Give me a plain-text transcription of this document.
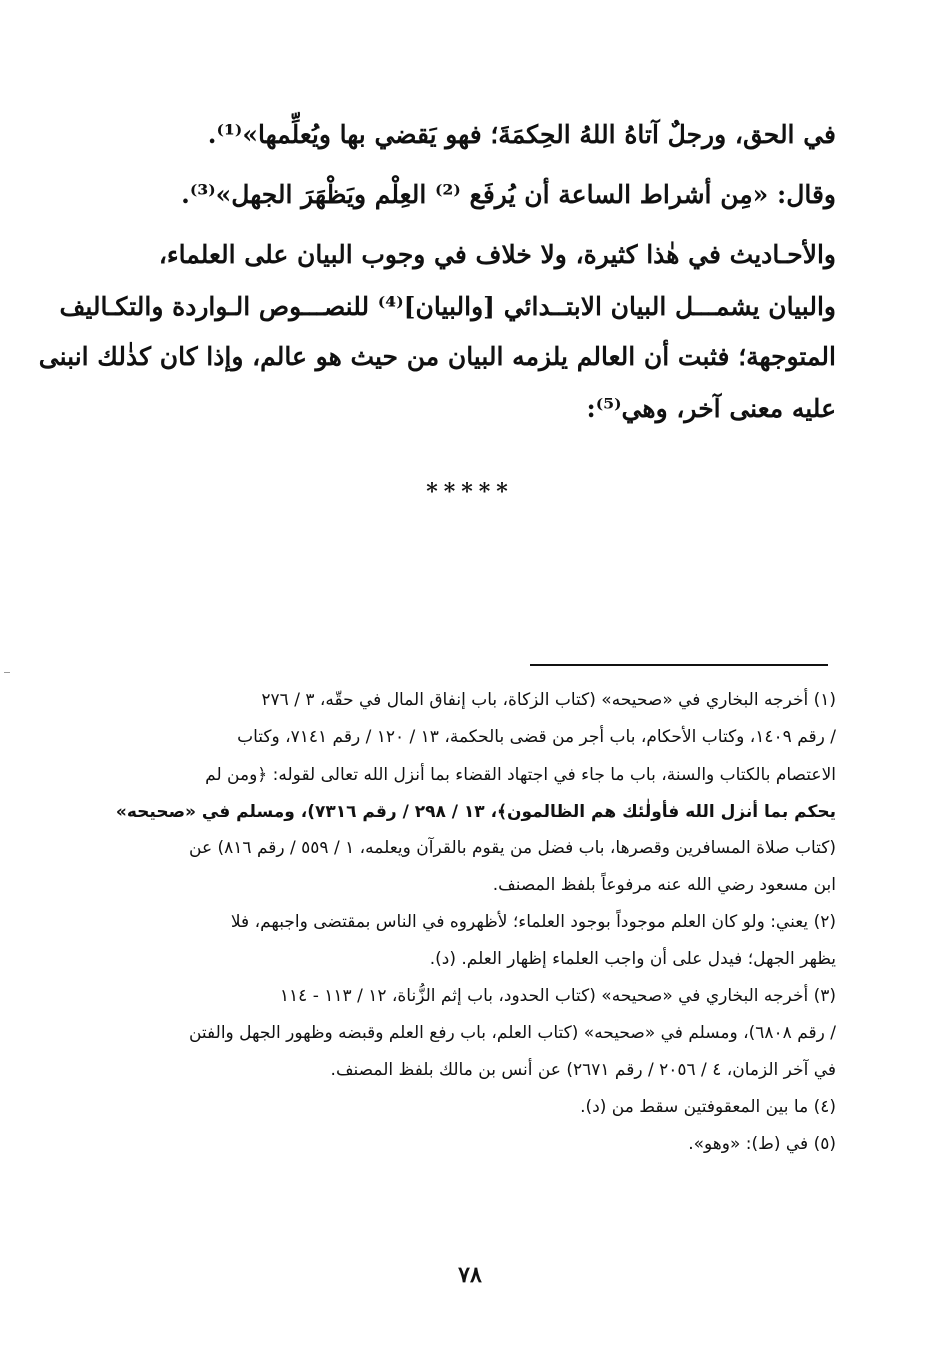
في الحق، ورجلٌ آتاهُ اللهُ الحِكمَةَ؛ فهو يَقضي بها ويُعلِّمها»⁽¹⁾.
وقال: «مِن أشراط الساعة أن يُرفَع ⁽²⁾ العِلْم ويَظْهَرَ الجهل»⁽³⁾.
والأحـاديث في هٰذا كثيرة، ولا خلاف في وجوب البيان على العلماء،
والبيان يشمـــل البيان الابتــدائي [والبيان]⁽⁴⁾ للنصـــوص الـواردة والتكـاليف
المتوجهة؛ فثبت أن العالم يلزمه البيان من حيث هو عالم، وإذا كان كذٰلك انبنى
عليه معنى آخر، وهي⁽⁵⁾:
*****
(١) أخرجه البخاري في «صحيحه» (كتاب الزكاة، باب إنفاق المال في حقّه، ٣ / ٢٧٦
/ رقم ١٤٠٩، وكتاب الأحكام، باب أجر من قضى بالحكمة، ١٣ / ١٢٠ / رقم ٧١٤١، وكتاب
الاعتصام بالكتاب والسنة، باب ما جاء في اجتهاد القضاء بما أنزل الله تعالى لقوله: ﴿ومن لم
يحكم بما أنزل الله فأولٰئك هم الظالمون﴾، ١٣ / ٢٩٨ / رقم ٧٣١٦)، ومسلم في «صحيحه»
(كتاب صلاة المسافرين وقصرها، باب فضل من يقوم بالقرآن ويعلمه، ١ / ٥٥٩ / رقم ٨١٦) عن
ابن مسعود رضي الله عنه مرفوعاً بلفظ المصنف.
(٢) يعني: ولو كان العلم موجوداً بوجود العلماء؛ لأظهروه في الناس بمقتضى واجبهم، فلا
يظهر الجهل؛ فيدل على أن واجب العلماء إظهار العلم. (د).
(٣) أخرجه البخاري في «صحيحه» (كتاب الحدود، باب إثم الزُّناة، ١٢ / ١١٣ - ١١٤
/ رقم ٦٨٠٨)، ومسلم في «صحيحه» (كتاب العلم، باب رفع العلم وقبضه وظهور الجهل والفتن
في آخر الزمان، ٤ / ٢٠٥٦ / رقم ٢٦٧١) عن أنس بن مالك بلفظ المصنف.
(٤) ما بين المعقوفتين سقط من (د).
(٥) في (ط): «وهو».
٧٨
